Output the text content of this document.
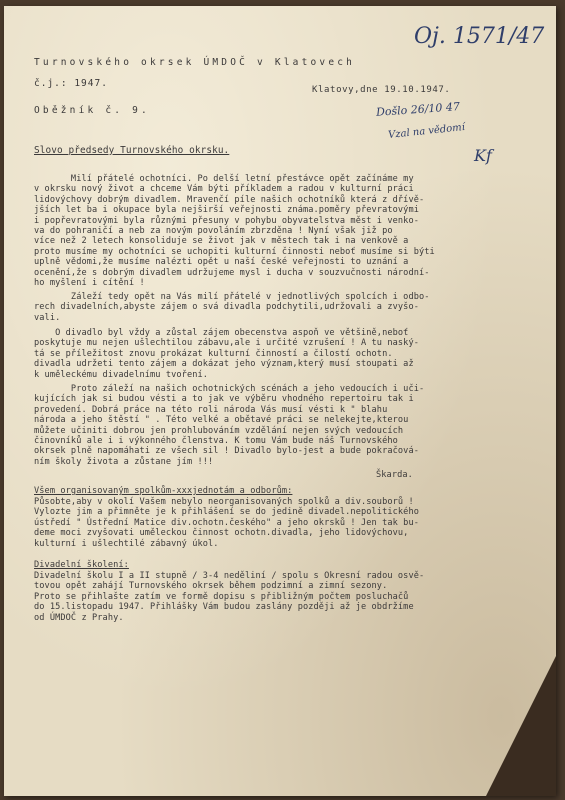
Turnovského okrsek ÚMDOČ v Klatovech
č.j.: 1947.
Klatovy,dne 19.10.1947.
Oběžník č. 9.
Oj. 1571/47
Došlo 26/10 47
Vzal na vědomí
Kf
Slovo předsedy Turnovského okrsku.
Milí přátelé ochotníci. Po delší letní přestávce opět začínáme my
v okrsku nový život a chceme Vám býti příkladem a radou v kulturní práci
lidovýchovy dobrým divadlem. Mravenčí píle našich ochotníků která z dřívě-
jších let ba i okupace byla nejširší veřejnosti známa.poměry převratovými
i popřevratovými byla různými přesuny v pohybu obyvatelstva měst i venko-
va do pohraničí a neb za novým povoláním zbrzděna ! Nyní však již po
více než 2 letech konsoliduje se život jak v městech tak i na venkově a
proto musíme my ochotníci se uchopiti kulturní činnosti neboť musíme si býti
uplně vědomi,že musíme nalézti opět u naší české veřejnosti to uznání a
ocenění,že s dobrým divadlem udržujeme mysl i ducha v souzvučnosti národní-
ho myšlení i cítění !
Záleží tedy opět na Vás milí přátelé v jednotlivých spolcích i odbo-
rech divadelních,abyste zájem o svá divadla podchytili,udržovali a zvyšo-
vali.
O divadlo byl vždy a zůstal zájem obecenstva aspoň ve většině,neboť
poskytuje mu nejen ušlechtilou zábavu,ale i určité vzrušení ! A tu naský-
tá se příležitost znovu prokázat kulturní činností a čilostí ochotn.
divadla udržeti tento zájem a dokázat jeho význam,který musí stoupati až
k uměleckému divadelnímu tvoření.
Proto záleží na našich ochotnických scénách a jeho vedoucích i uči-
kujících jak si budou vésti a to jak ve výběru vhodného repertoiru tak i
provedení. Dobrá práce na této roli národa Vás musí vésti k " blahu
národa a jeho štěstí " . Této velké a obětavé práci se nelekejte,kterou
můžete učiniti dobrou jen prohlubováním vzdělání nejen svých vedoucích
činovníků ale i i výkonného členstva. K tomu Vám bude náš Turnovského
okrsek plně napomáhati ze všech sil ! Divadlo bylo-jest a bude pokračová-
ním školy života a zůstane jím !!!
Škarda.
Všem organisovaným spolkům-xxxjednotám a odborům:
Působte,aby v okolí Vašem nebylo neorganisovaných spolků a div.souborů !
Vylozte jim a přimněte je k přihlášení se do jedině divadel.nepolitického
ústředí " Ústřední Matice div.ochotn.českého" a jeho okrsků ! Jen tak bu-
deme moci zvyšovati uměleckou činnost ochotn.divadla, jeho lidovýchovu,
kulturní i ušlechtilé zábavný úkol.
Divadelní školení:
Divadelní školu I a II stupně / 3-4 neděliní / spolu s Okresní radou osvě-
tovou opět zahájí Turnovského okrsek během podzimní a zimní sezony.
Proto se přihlašte zatím ve formě dopisu s přibližným počtem posluchačů
do 15.listopadu 1947. Přihlášky Vám budou zaslány později až je obdržíme
od ÚMDOČ z Prahy.
